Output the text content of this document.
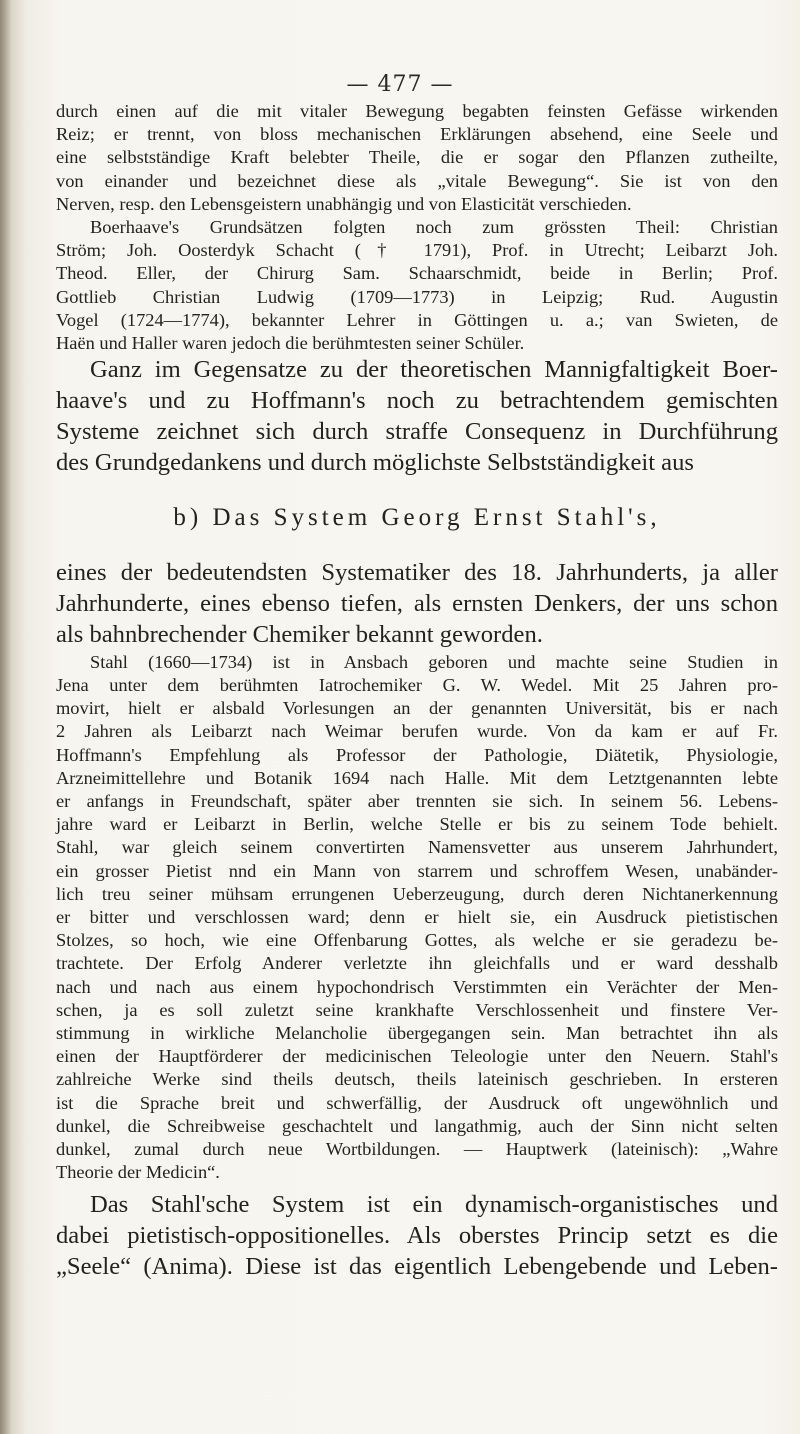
— 477 —

durch einen auf die mit vitaler Bewegung begabten feinsten Gefässe wirkenden

Reiz; er trennt, von bloss mechanischen Erklärungen absehend, eine Seele und

eine selbstständige Kraft belebter Theile, die er sogar den Pflanzen zutheilte,

von einander und bezeichnet diese als „vitale Bewegung“. Sie ist von den

Nerven, resp. den Lebensgeistern unabhängig und von Elasticität verschieden.

Boerhaave's Grundsätzen folgten noch zum grössten Theil: Christian

Ström; Joh. Oosterdyk Schacht († 1791), Prof. in Utrecht; Leibarzt Joh.

Theod. Eller, der Chirurg Sam. Schaarschmidt, beide in Berlin; Prof.

Gottlieb Christian Ludwig (1709—1773) in Leipzig; Rud. Augustin

Vogel (1724—1774), bekannter Lehrer in Göttingen u. a.; van Swieten, de

Haën und Haller waren jedoch die berühmtesten seiner Schüler.

Ganz im Gegensatze zu der theoretischen Mannigfaltigkeit Boer-

haave's und zu Hoffmann's noch zu betrachtendem gemischten

Systeme zeichnet sich durch straffe Consequenz in Durchführung

des Grundgedankens und durch möglichste Selbstständigkeit aus

b) Das System Georg Ernst Stahl's,

eines der bedeutendsten Systematiker des 18. Jahrhunderts, ja aller

Jahrhunderte, eines ebenso tiefen, als ernsten Denkers, der uns schon

als bahnbrechender Chemiker bekannt geworden.

Stahl (1660—1734) ist in Ansbach geboren und machte seine Studien in

Jena unter dem berühmten Iatrochemiker G. W. Wedel. Mit 25 Jahren pro-

movirt, hielt er alsbald Vorlesungen an der genannten Universität, bis er nach

2 Jahren als Leibarzt nach Weimar berufen wurde. Von da kam er auf Fr.

Hoffmann's Empfehlung als Professor der Pathologie, Diätetik, Physiologie,

Arzneimittellehre und Botanik 1694 nach Halle. Mit dem Letztgenannten lebte

er anfangs in Freundschaft, später aber trennten sie sich. In seinem 56. Lebens-

jahre ward er Leibarzt in Berlin, welche Stelle er bis zu seinem Tode behielt.

Stahl, war gleich seinem convertirten Namensvetter aus unserem Jahrhundert,

ein grosser Pietist nnd ein Mann von starrem und schroffem Wesen, unabänder-

lich treu seiner mühsam errungenen Ueberzeugung, durch deren Nichtanerkennung

er bitter und verschlossen ward; denn er hielt sie, ein Ausdruck pietistischen

Stolzes, so hoch, wie eine Offenbarung Gottes, als welche er sie geradezu be-

trachtete. Der Erfolg Anderer verletzte ihn gleichfalls und er ward desshalb

nach und nach aus einem hypochondrisch Verstimmten ein Verächter der Men-

schen, ja es soll zuletzt seine krankhafte Verschlossenheit und finstere Ver-

stimmung in wirkliche Melancholie übergegangen sein. Man betrachtet ihn als

einen der Hauptförderer der medicinischen Teleologie unter den Neuern. Stahl's

zahlreiche Werke sind theils deutsch, theils lateinisch geschrieben. In ersteren

ist die Sprache breit und schwerfällig, der Ausdruck oft ungewöhnlich und

dunkel, die Schreibweise geschachtelt und langathmig, auch der Sinn nicht selten

dunkel, zumal durch neue Wortbildungen. — Hauptwerk (lateinisch): „Wahre

Theorie der Medicin“.

Das Stahl'sche System ist ein dynamisch-organistisches und

dabei pietistisch-oppositionelles. Als oberstes Princip setzt es die

„Seele“ (Anima). Diese ist das eigentlich Lebengebende und Leben-
